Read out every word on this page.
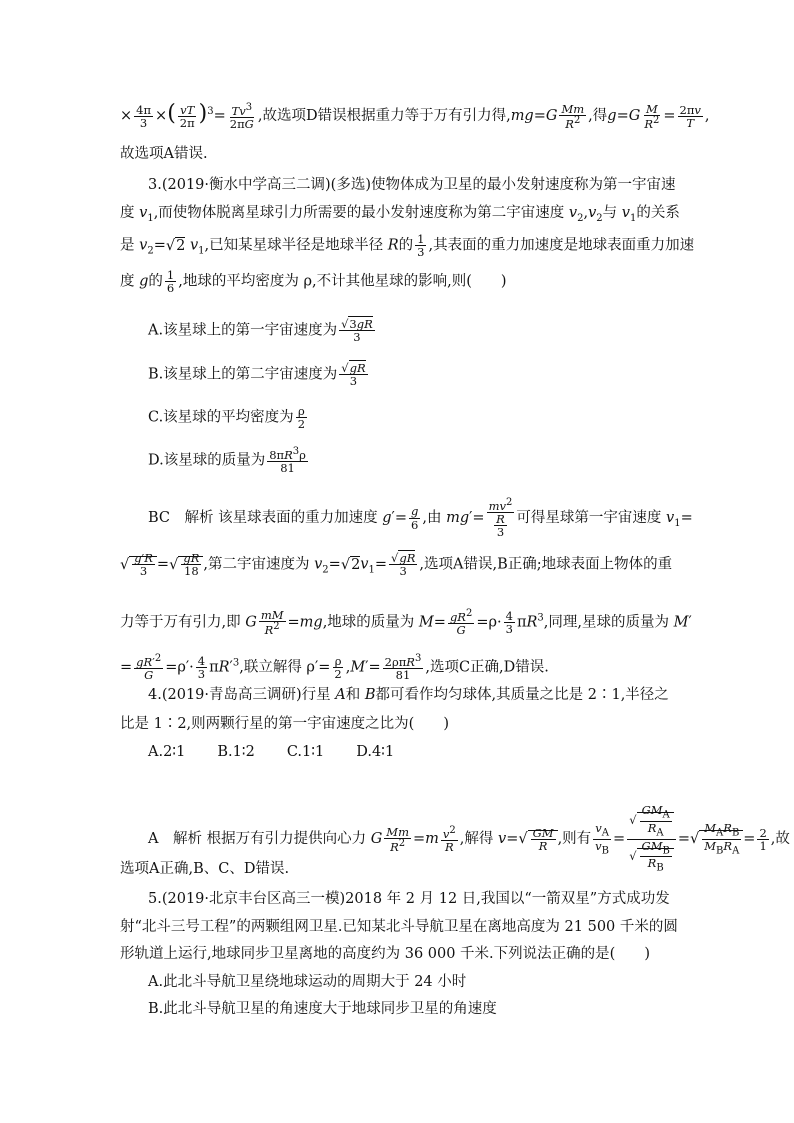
× $\frac{4\pi}{3}$ ×( $\frac{vT}{2\pi} )^3= \frac{Tv^3}{2\pi G}$ ,故选项D错误根据重力等于万有引力得$,mg=G \frac{Mm}{R^2}$ ,得$g=G \frac{M}{R^2} = \frac{2\pi v}{T}$ ,
故选项A错误.
3.(2019·衡水中学高三二调)(多选)使物体成为卫星的最小发射速度称为第一宇宙速
度 $v_1$,而使物体脱离星球引力所需要的最小发射速度称为第二宇宙速度 $v_2,v_2$与 $v_1$的关系
是 $v_2=√$ 2 $v_1$,已知某星球半径是地球半径 R的 $\frac{1}{3}$ ,其表面的重力加速度是地球表面重力加速
度 g的 $\frac{1}{6}$ ,地球的平均密度为 ρ,不计其他星球的影响,则(　　)
A.该星球上的第一宇宙速度为
√ $\frac{3gR}{3}$
B.该星球上的第二宇宙速度为
√ $\frac{gR}{3}$
C.该星球的平均密度为 $\frac{\rho}{2}$
D.该星球的质量为 $\frac{8\pi R^3\rho}{81}$
BC　解析 该星球表面的重力加速度 $g'= \frac{g}{6}$ ,由 $mg'= \frac{mv^2}{\frac{R}{3}}$ 可得星球第一宇宙速度 $v_1=$
√
$\frac{g'R}{3}$ =√ $\frac{gR}{18}$ ,第二宇宙速度为 $v_2=√$ $2v_1=$
√ $\frac{gR}{3}$ ,选项A错误,B正确;地球表面上物体的重
力等于万有引力,即 G $\frac{mM}{R^2} =mg$,地球的质量为 $M= \frac{gR^2}{G} =\rho\cdot \frac{4}{3} \pi R^3$,同理,星球的质量为 M′
= $\frac{gR'^2}{G} =\rho'\cdot \frac{4}{3} \pi R'^3$,联立解得 $\rho'= \frac{\rho}{2} ,M'= \frac{2\rho\pi R^3}{81}$ ,选项C正确,D错误.
4.(2019·青岛高三调研)行星 A和 B都可看作均匀球体,其质量之比是 2∶1,半径之
比是 1∶2,则两颗行星的第一宇宙速度之比为(　　)
A.2∶1 B.1∶2 C.1∶1 D.4∶1
A　解析 根据万有引力提供向心力 G $\frac{Mm}{R^2} =m \frac{v^2}{R}$ ,解得 $v=√ \frac{GM}{R}$ ,则有 $\frac{v_A}{v_B}$ =
√ $\frac{GM_A}{R_A}$
√
$\frac{GM_B}{R_B}$ =√ $\frac{M_AR_B}{M_BR_A} = \frac{2}{1}$ ,故
选项A正确,B、C、D错误.
5.(2019·北京丰台区高三一模)2018 年 2 月 12 日,我国以“一箭双星”方式成功发
射“北斗三号工程”的两颗组网卫星.已知某北斗导航卫星在离地高度为 21 500 千米的圆
形轨道上运行,地球同步卫星离地的高度约为 36 000 千米.下列说法正确的是(　　)
A.此北斗导航卫星绕地球运动的周期大于 24 小时
B.此北斗导航卫星的角速度大于地球同步卫星的角速度
